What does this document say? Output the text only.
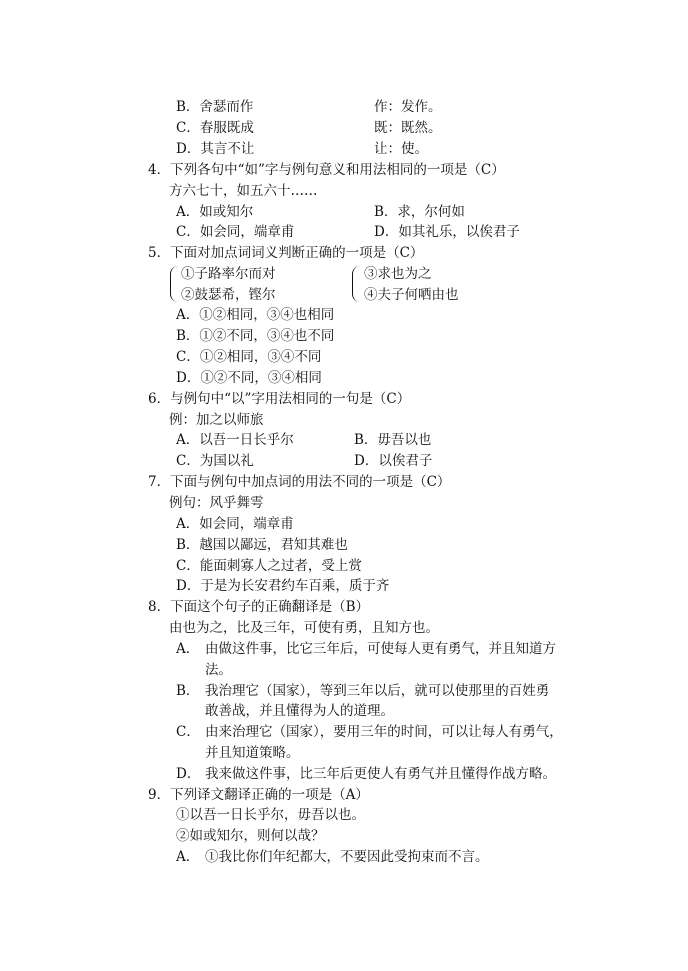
B．舍瑟而作	作：发作。
C．春服既成	既：既然。
D．其言不让	让：使。
4．下列各句中“如”字与例句意义和用法相同的一项是（C）
方六七十，如五六十……
A．如或知尔	B．求，尔何如
C．如会同，端章甫	D．如其礼乐，以俟君子
5．下面对加点词词义判断正确的一项是（C）
①子路率尔而对
②鼓瑟希，铿尔
③求也为之
④夫子何哂由也
A．①②相同，③④也相同
B．①②不同，③④也不同
C．①②相同，③④不同
D．①②不同，③④相同
6．与例句中“以”字用法相同的一句是（C）
例：加之以师旅
A．以吾一日长乎尔	B．毋吾以也
C．为国以礼	D．以俟君子
7．下面与例句中加点词的用法不同的一项是（C）
例句：风乎舞雩
A．如会同，端章甫
B．越国以鄙远，君知其难也
C．能面刺寡人之过者，受上赏
D．于是为长安君约车百乘，质于齐
8．下面这个句子的正确翻译是（B）
由也为之，比及三年，可使有勇，且知方也。
A． 由做这件事，比它三年后，可使每人更有勇气，并且知道方
法。
B． 我治理它（国家），等到三年以后，就可以使那里的百姓勇
敢善战，并且懂得为人的道理。
C． 由来治理它（国家），要用三年的时间，可以让每人有勇气，
并且知道策略。
D． 我来做这件事，比三年后更使人有勇气并且懂得作战方略。
9．下列译文翻译正确的一项是（A）
①以吾一日长乎尔，毋吾以也。
②如或知尔，则何以哉？
A． ①我比你们年纪都大，不要因此受拘束而不言。
